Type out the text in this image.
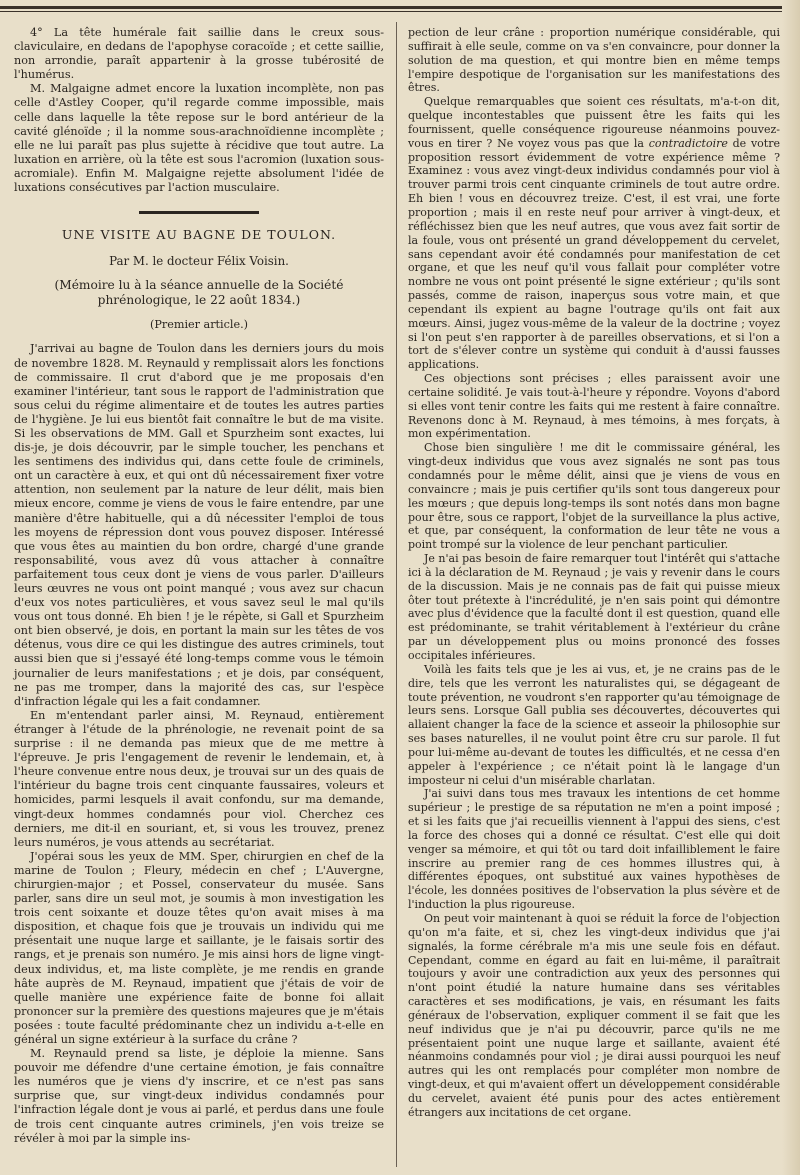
4° La tête humérale fait saillie dans le creux sous-claviculaire, en dedans de l'apophyse coracoïde ; et cette saillie, non arrondie, paraît appartenir à la grosse tubérosité de l'humérus.

M. Malgaigne admet encore la luxation incomplète, non pas celle d'Astley Cooper, qu'il regarde comme impossible, mais celle dans laquelle la tête repose sur le bord antérieur de la cavité glénoïde ; il la nomme sous-arachnoïdienne incomplète ; elle ne lui paraît pas plus sujette à récidive que tout autre. La luxation en arrière, où la tête est sous l'acromion (luxation sous-acromiale). Enfin M. Malgaigne rejette absolument l'idée de luxations consécutives par l'action musculaire.

UNE VISITE AU BAGNE DE TOULON.
Par M. le docteur Félix Voisin.
(Mémoire lu à la séance annuelle de la Société phrénologique, le 22 août 1834.)
(Premier article.)

J'arrivai au bagne de Toulon dans les derniers jours du mois de novembre 1828. M. Reynauld y remplissait alors les fonctions de commissaire. Il crut d'abord que je me proposais d'en examiner l'intérieur, tant sous le rapport de l'administration que sous celui du régime alimentaire et de toutes les autres parties de l'hygiène. Je lui eus bientôt fait connaître le but de ma visite. Si les observations de MM. Gall et Spurzheim sont exactes, lui dis-je, je dois découvrir, par le simple toucher, les penchans et les sentimens des individus qui, dans cette foule de criminels, ont un caractère à eux, et qui ont dû nécessairement fixer votre attention, non seulement par la nature de leur délit, mais bien mieux encore, comme je viens de vous le faire entendre, par une manière d'être habituelle, qui a dû nécessiter l'emploi de tous les moyens de répression dont vous pouvez disposer. Intéressé que vous êtes au maintien du bon ordre, chargé d'une grande responsabilité, vous avez dû vous attacher à connaître parfaitement tous ceux dont je viens de vous parler. D'ailleurs leurs œuvres ne vous ont point manqué ; vous avez sur chacun d'eux vos notes particulières, et vous savez seul le mal qu'ils vous ont tous donné. Eh bien ! je le répète, si Gall et Spurzheim ont bien observé, je dois, en portant la main sur les têtes de vos détenus, vous dire ce qui les distingue des autres criminels, tout aussi bien que si j'essayé été long-temps comme vous le témoin journalier de leurs manifestations ; et je dois, par conséquent, ne pas me tromper, dans la majorité des cas, sur l'espèce d'infraction légale qui les a fait condamner.

En m'entendant parler ainsi, M. Reynaud, entièrement étranger à l'étude de la phrénologie, ne revenait point de sa surprise : il ne demanda pas mieux que de me mettre à l'épreuve. Je pris l'engagement de revenir le lendemain, et, à l'heure convenue entre nous deux, je trouvai sur un des quais de l'intérieur du bagne trois cent cinquante faussaires, voleurs et homicides, parmi lesquels il avait confondu, sur ma demande, vingt-deux hommes condamnés pour viol. Cherchez ces derniers, me dit-il en souriant, et, si vous les trouvez, prenez leurs numéros, je vous attends au secrétariat.

J'opérai sous les yeux de MM. Sper, chirurgien en chef de la marine de Toulon ; Fleury, médecin en chef ; L'Auvergne, chirurgien-major ; et Possel, conservateur du musée. Sans parler, sans dire un seul mot, je soumis à mon investigation les trois cent soixante et douze têtes qu'on avait mises à ma disposition, et chaque fois que je trouvais un individu qui me présentait une nuque large et saillante, je le faisais sortir des rangs, et je prenais son numéro. Je mis ainsi hors de ligne vingt-deux individus, et, ma liste complète, je me rendis en grande hâte auprès de M. Reynaud, impatient que j'étais de voir de quelle manière une expérience faite de bonne foi allait prononcer sur la première des questions majeures que je m'étais posées : toute faculté prédominante chez un individu a-t-elle en général un signe extérieur à la surface du crâne ?

M. Reynauld prend sa liste, je déploie la mienne. Sans pouvoir me défendre d'une certaine émotion, je fais connaître les numéros que je viens d'y inscrire, et ce n'est pas sans surprise que, sur vingt-deux individus condamnés pour l'infraction légale dont je vous ai parlé, et perdus dans une foule de trois cent cinquante autres criminels, j'en vois treize se révéler à moi par la simple ins-

pection de leur crâne : proportion numérique considérable, qui suffirait à elle seule, comme on va s'en convaincre, pour donner la solution de ma question, et qui montre bien en même temps l'empire despotique de l'organisation sur les manifestations des êtres.

Quelque remarquables que soient ces résultats, m'a-t-on dit, quelque incontestables que puissent être les faits qui les fournissent, quelle conséquence rigoureuse néanmoins pouvez-vous en tirer ? Ne voyez vous pas que la contradictoire de votre proposition ressort évidemment de votre expérience même ? Examinez : vous avez vingt-deux individus condamnés pour viol à trouver parmi trois cent cinquante criminels de tout autre ordre. Eh bien ! vous en découvrez treize. C'est, il est vrai, une forte proportion ; mais il en reste neuf pour arriver à vingt-deux, et réfléchissez bien que les neuf autres, que vous avez fait sortir de la foule, vous ont présenté un grand développement du cervelet, sans cependant avoir été condamnés pour manifestation de cet organe, et que les neuf qu'il vous fallait pour compléter votre nombre ne vous ont point présenté le signe extérieur ; qu'ils sont passés, comme de raison, inaperçus sous votre main, et que cependant ils expient au bagne l'outrage qu'ils ont fait aux mœurs. Ainsi, jugez vous-même de la valeur de la doctrine ; voyez si l'on peut s'en rapporter à de pareilles observations, et si l'on a tort de s'élever contre un système qui conduit à d'aussi fausses applications.

Ces objections sont précises ; elles paraissent avoir une certaine solidité. Je vais tout-à-l'heure y répondre. Voyons d'abord si elles vont tenir contre les faits qui me restent à faire connaître. Revenons donc à M. Reynaud, à mes témoins, à mes forçats, à mon expérimentation.

Chose bien singulière ! me dit le commissaire général, les vingt-deux individus que vous avez signalés ne sont pas tous condamnés pour le même délit, ainsi que je viens de vous en convaincre ; mais je puis certifier qu'ils sont tous dangereux pour les mœurs ; que depuis long-temps ils sont notés dans mon bagne pour être, sous ce rapport, l'objet de la surveillance la plus active, et que, par conséquent, la conformation de leur tête ne vous a point trompé sur la violence de leur penchant particulier.

Je n'ai pas besoin de faire remarquer tout l'intérêt qui s'attache ici à la déclaration de M. Reynaud ; je vais y revenir dans le cours de la discussion. Mais je ne connais pas de fait qui puisse mieux ôter tout prétexte à l'incrédulité, je n'en sais point qui démontre avec plus d'évidence que la faculté dont il est question, quand elle est prédominante, se trahit véritablement à l'extérieur du crâne par un développement plus ou moins prononcé des fosses occipitales inférieures.

Voilà les faits tels que je les ai vus, et, je ne crains pas de le dire, tels que les verront les naturalistes qui, se dégageant de toute prévention, ne voudront s'en rapporter qu'au témoignage de leurs sens. Lorsque Gall publia ses découvertes, découvertes qui allaient changer la face de la science et asseoir la philosophie sur ses bases naturelles, il ne voulut point être cru sur parole. Il fut pour lui-même au-devant de toutes les difficultés, et ne cessa d'en appeler à l'expérience ; ce n'était point là le langage d'un imposteur ni celui d'un misérable charlatan.

J'ai suivi dans tous mes travaux les intentions de cet homme supérieur ; le prestige de sa réputation ne m'en a point imposé ; et si les faits que j'ai recueillis viennent à l'appui des siens, c'est la force des choses qui a donné ce résultat. C'est elle qui doit venger sa mémoire, et qui tôt ou tard doit infailliblement le faire inscrire au premier rang de ces hommes illustres qui, à différentes époques, ont substitué aux vaines hypothèses de l'école, les données positives de l'observation la plus sévère et de l'induction la plus rigoureuse.

On peut voir maintenant à quoi se réduit la force de l'objection qu'on m'a faite, et si, chez les vingt-deux individus que j'ai signalés, la forme cérébrale m'a mis une seule fois en défaut. Cependant, comme en égard au fait en lui-même, il paraîtrait toujours y avoir une contradiction aux yeux des personnes qui n'ont point étudié la nature humaine dans ses véritables caractères et ses modifications, je vais, en résumant les faits généraux de l'observation, expliquer comment il se fait que les neuf individus que je n'ai pu découvrir, parce qu'ils ne me présentaient point une nuque large et saillante, avaient été néanmoins condamnés pour viol ; je dirai aussi pourquoi les neuf autres qui les ont remplacés pour compléter mon nombre de vingt-deux, et qui m'avaient offert un développement considérable du cervelet, avaient été punis pour des actes entièrement étrangers aux incitations de cet organe.
